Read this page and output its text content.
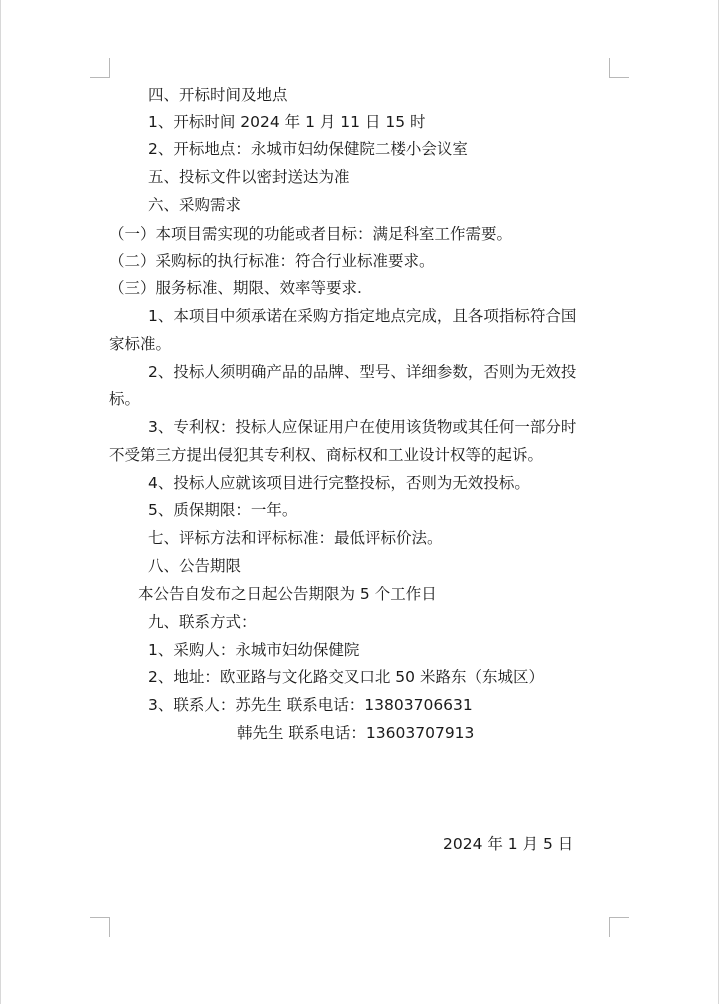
四、开标时间及地点
1、开标时间 2024 年 1 月 11 日 15 时
2、开标地点：永城市妇幼保健院二楼小会议室
五、投标文件以密封送达为准
六、采购需求
（一）本项目需实现的功能或者目标：满足科室工作需要。
（二）采购标的执行标准：符合行业标准要求。
（三）服务标准、期限、效率等要求.
1、本项目中须承诺在采购方指定地点完成，且各项指标符合国
家标准。
2、投标人须明确产品的品牌、型号、详细参数，否则为无效投
标。
3、专利权：投标人应保证用户在使用该货物或其任何一部分时
不受第三方提出侵犯其专利权、商标权和工业设计权等的起诉。
4、投标人应就该项目进行完整投标，否则为无效投标。
5、质保期限：一年。
七、评标方法和评标标准：最低评标价法。
八、公告期限
本公告自发布之日起公告期限为 5 个工作日
九、联系方式：
1、采购人：永城市妇幼保健院
2、地址：欧亚路与文化路交叉口北 50 米路东（东城区）
3、联系人：苏先生 联系电话：13803706631
韩先生 联系电话：13603707913
2024 年 1 月 5 日
